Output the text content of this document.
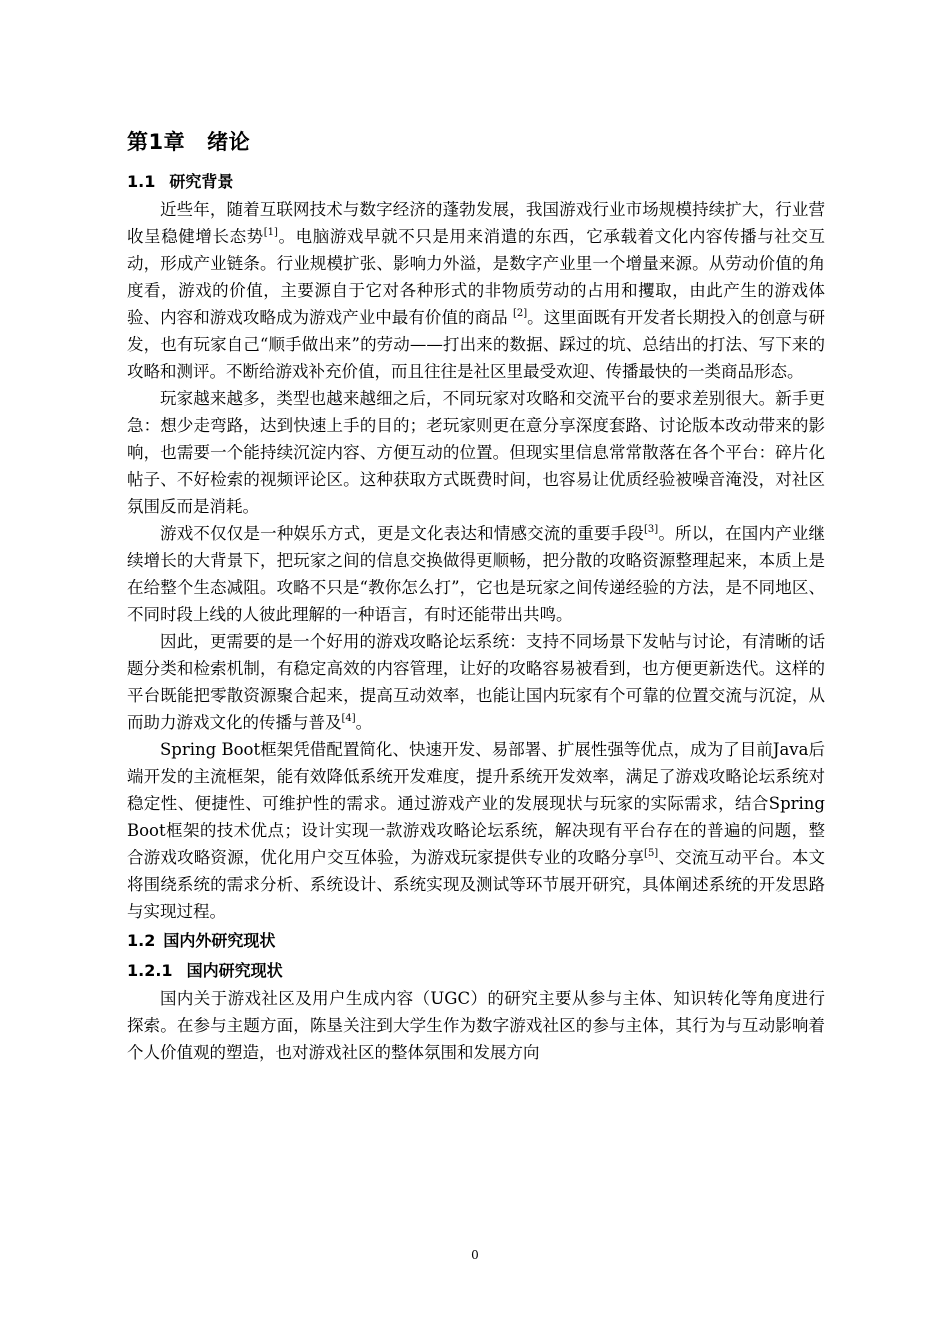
第1章 绪论
1.1 研究背景

近些年，随着互联网技术与数字经济的蓬勃发展，我国游戏行业市场规模持续扩大，行业营收呈稳健增长态势[1]。电脑游戏早就不只是用来消遣的东西，它承载着文化内容传播与社交互动，形成产业链条。行业规模扩张、影响力外溢，是数字产业里一个增量来源。从劳动价值的角度看，游戏的价值，主要源自于它对各种形式的非物质劳动的占用和攫取，由此产生的游戏体验、内容和游戏攻略成为游戏产业中最有价值的商品 [2]。这里面既有开发者长期投入的创意与研发，也有玩家自己“顺手做出来”的劳动——打出来的数据、踩过的坑、总结出的打法、写下来的攻略和测评。不断给游戏补充价值，而且往往是社区里最受欢迎、传播最快的一类商品形态。

玩家越来越多，类型也越来越细之后，不同玩家对攻略和交流平台的要求差别很大。新手更急：想少走弯路，达到快速上手的目的；老玩家则更在意分享深度套路、讨论版本改动带来的影响，也需要一个能持续沉淀内容、方便互动的位置。但现实里信息常常散落在各个平台：碎片化帖子、不好检索的视频评论区。这种获取方式既费时间，也容易让优质经验被噪音淹没，对社区氛围反而是消耗。

游戏不仅仅是一种娱乐方式，更是文化表达和情感交流的重要手段[3]。所以，在国内产业继续增长的大背景下，把玩家之间的信息交换做得更顺畅，把分散的攻略资源整理起来，本质上是在给整个生态减阻。攻略不只是“教你怎么打”，它也是玩家之间传递经验的方法，是不同地区、不同时段上线的人彼此理解的一种语言，有时还能带出共鸣。

因此，更需要的是一个好用的游戏攻略论坛系统：支持不同场景下发帖与讨论，有清晰的话题分类和检索机制，有稳定高效的内容管理，让好的攻略容易被看到，也方便更新迭代。这样的平台既能把零散资源聚合起来，提高互动效率，也能让国内玩家有个可靠的位置交流与沉淀，从而助力游戏文化的传播与普及[4]。

Spring Boot框架凭借配置简化、快速开发、易部署、扩展性强等优点，成为了目前Java后端开发的主流框架，能有效降低系统开发难度，提升系统开发效率，满足了游戏攻略论坛系统对稳定性、便捷性、可维护性的需求。通过游戏产业的发展现状与玩家的实际需求，结合Spring Boot框架的技术优点；设计实现一款游戏攻略论坛系统，解决现有平台存在的普遍的问题，整合游戏攻略资源，优化用户交互体验，为游戏玩家提供专业的攻略分享[5]、交流互动平台。本文将围绕系统的需求分析、系统设计、系统实现及测试等环节展开研究，具体阐述系统的开发思路与实现过程。

1.2 国内外研究现状
1.2.1 国内研究现状

国内关于游戏社区及用户生成内容（UGC）的研究主要从参与主体、知识转化等角度进行探索。在参与主题方面，陈垦关注到大学生作为数字游戏社区的参与主体，其行为与互动影响着个人价值观的塑造，也对游戏社区的整体氛围和发展方向

0
